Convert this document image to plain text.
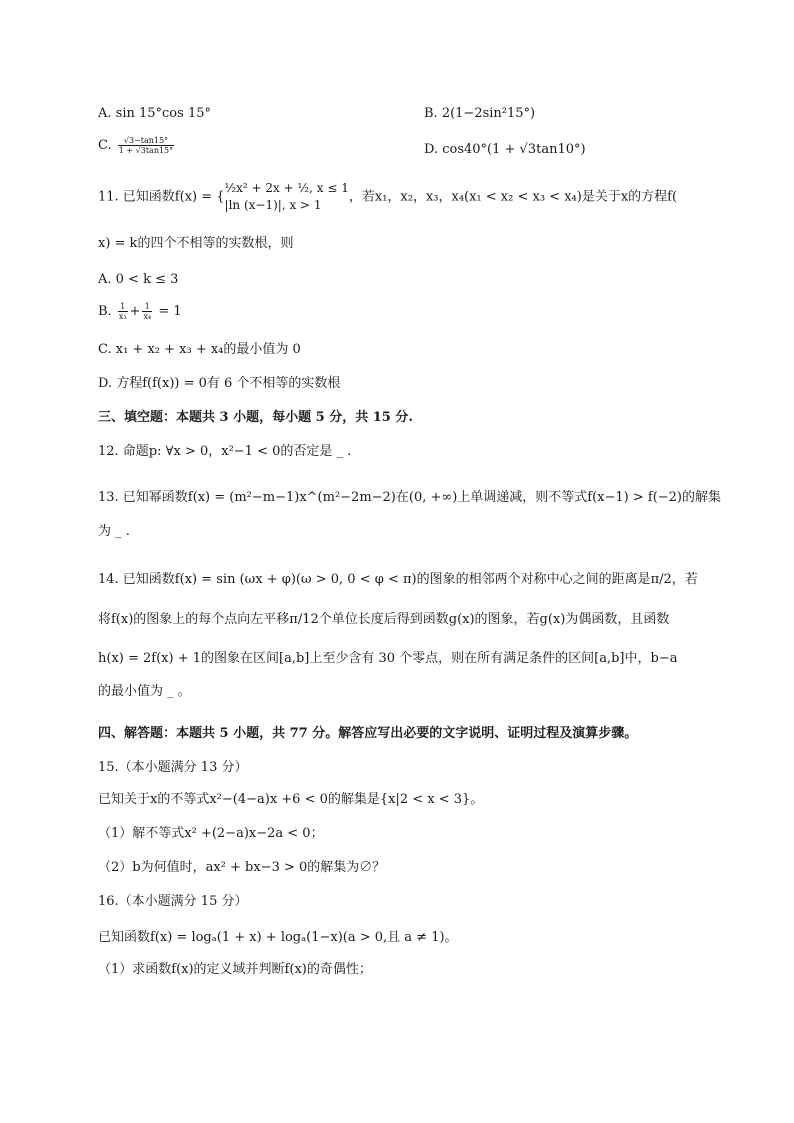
A. sin 15°cos 15°	B. 2(1−2sin²15°)
C. $\frac{√3-\tan 15^\circ}{1 + √3\tan 15^\circ}$	D. cos40°(1 + √3tan10°)
11. 已知函数f(x) = {
½x² + 2x + ½, x ≤ 1
|ln (x−1)|, x > 1
，若x₁，x₂，x₃，x₄(x₁ < x₂ < x₃ < x₄)是关于x的方程f(
x) = k的四个不相等的实数根，则
A. 0 < k ≤ 3
B. $\frac{1}{\text{x₃}} + \frac{1}{\text{x₄}} = 1$
C. x₁ + x₂ + x₃ + x₄的最小值为 0
D. 方程f(f(x)) = 0有 6 个不相等的实数根
三、填空题：本题共 3 小题，每小题 5 分，共 15 分.
12. 命题p: ∀x > 0，x²−1 < 0的否定是 _ .
13. 已知幂函数f(x) = (m²−m−1)x^(m²−2m−2)在(0, +∞)上单调递减，则不等式f(x−1) > f(−2)的解集
为 _ .
14. 已知函数f(x) = sin (ωx + φ)(ω > 0, 0 < φ < π)的图象的相邻两个对称中心之间的距离是π/2，若
将f(x)的图象上的每个点向左平移π/12个单位长度后得到函数g(x)的图象，若g(x)为偶函数，且函数
h(x) = 2f(x) + 1的图象在区间[a,b]上至少含有 30 个零点，则在所有满足条件的区间[a,b]中，b−a
的最小值为 _ 。
四、解答题：本题共 5 小题，共 77 分。解答应写出必要的文字说明、证明过程及演算步骤。
15.（本小题满分 13 分）
已知关于x的不等式x²−(4−a)x +6 < 0的解集是{x|2 < x < 3}。
（1）解不等式x² +(2−a)x−2a < 0；
（2）b为何值时，ax² + bx−3 > 0的解集为∅？
16.（本小题满分 15 分）
已知函数f(x) = logₐ(1 + x) + logₐ(1−x)(a > 0,且 a ≠ 1)。
（1）求函数f(x)的定义域并判断f(x)的奇偶性；
